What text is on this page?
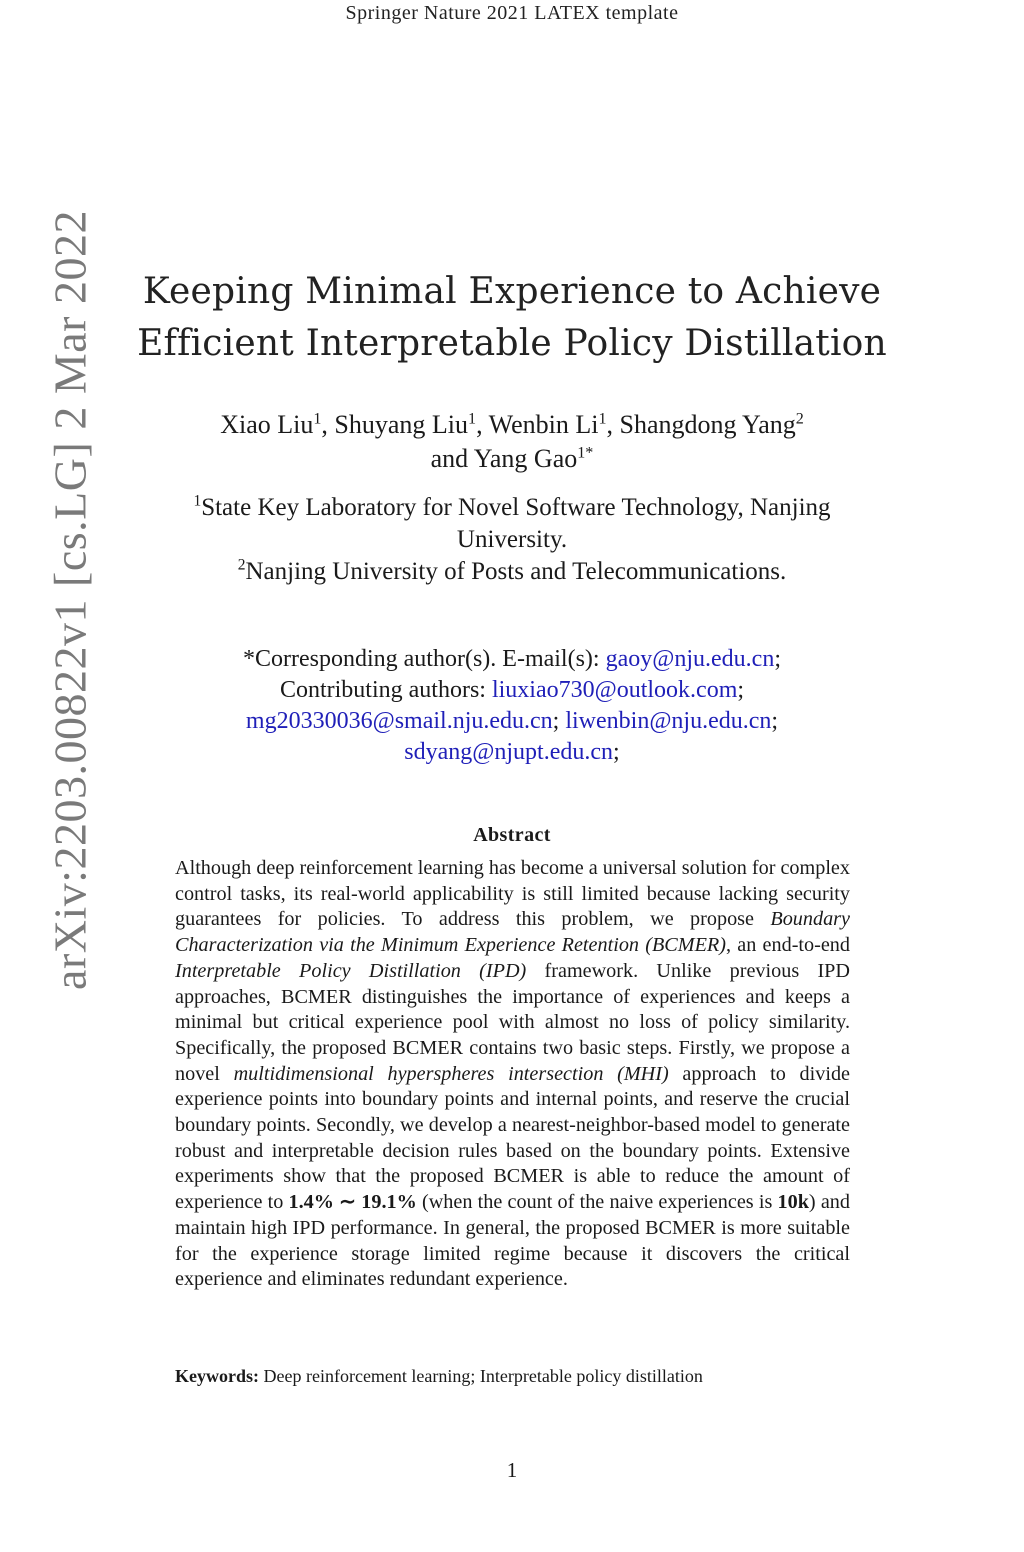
Springer Nature 2021 LATEX template
arXiv:2203.00822v1 [cs.LG] 2 Mar 2022	Keeping Minimal Experience to Achieve
Efficient Interpretable Policy Distillation
Xiao Liu$^1$, Shuyang Liu$^1$, Wenbin Li$^1$, Shangdong Yang$^2$
and Yang Gao$^{1*}$
$^1$State Key Laboratory for Novel Software Technology, Nanjing University.
$^2$Nanjing University of Posts and Telecommunications.
*Corresponding author(s). E-mail(s): gaoy@nju.edu.cn;
Contributing authors: liuxiao730@outlook.com;
mg20330036@smail.nju.edu.cn; liwenbin@nju.edu.cn;
sdyang@njupt.edu.cn;
Abstract
Although deep reinforcement learning has become a universal solution for complex control tasks, its real-world applicability is still limited because lacking security guarantees for policies. To address this problem, we propose Boundary Characterization via the Minimum Experience Retention (BCMER), an end-to-end Interpretable Policy Distillation (IPD) framework. Unlike previous IPD approaches, BCMER distinguishes the importance of experiences and keeps a minimal but critical experience pool with almost no loss of policy similarity. Specifically, the proposed BCMER contains two basic steps. Firstly, we propose a novel multidimensional hyperspheres intersection (MHI) approach to divide experience points into boundary points and internal points, and reserve the crucial boundary points. Secondly, we develop a nearest-neighbor-based model to generate robust and interpretable decision rules based on the boundary points. Extensive experiments show that the proposed BCMER is able to reduce the amount of experience to 1.4% ∼ 19.1% (when the count of the naive experiences is 10k) and maintain high IPD performance. In general, the proposed BCMER is more suitable for the experience storage limited regime because it discovers the critical experience and eliminates redundant experience.
Keywords: Deep reinforcement learning; Interpretable policy distillation
1
